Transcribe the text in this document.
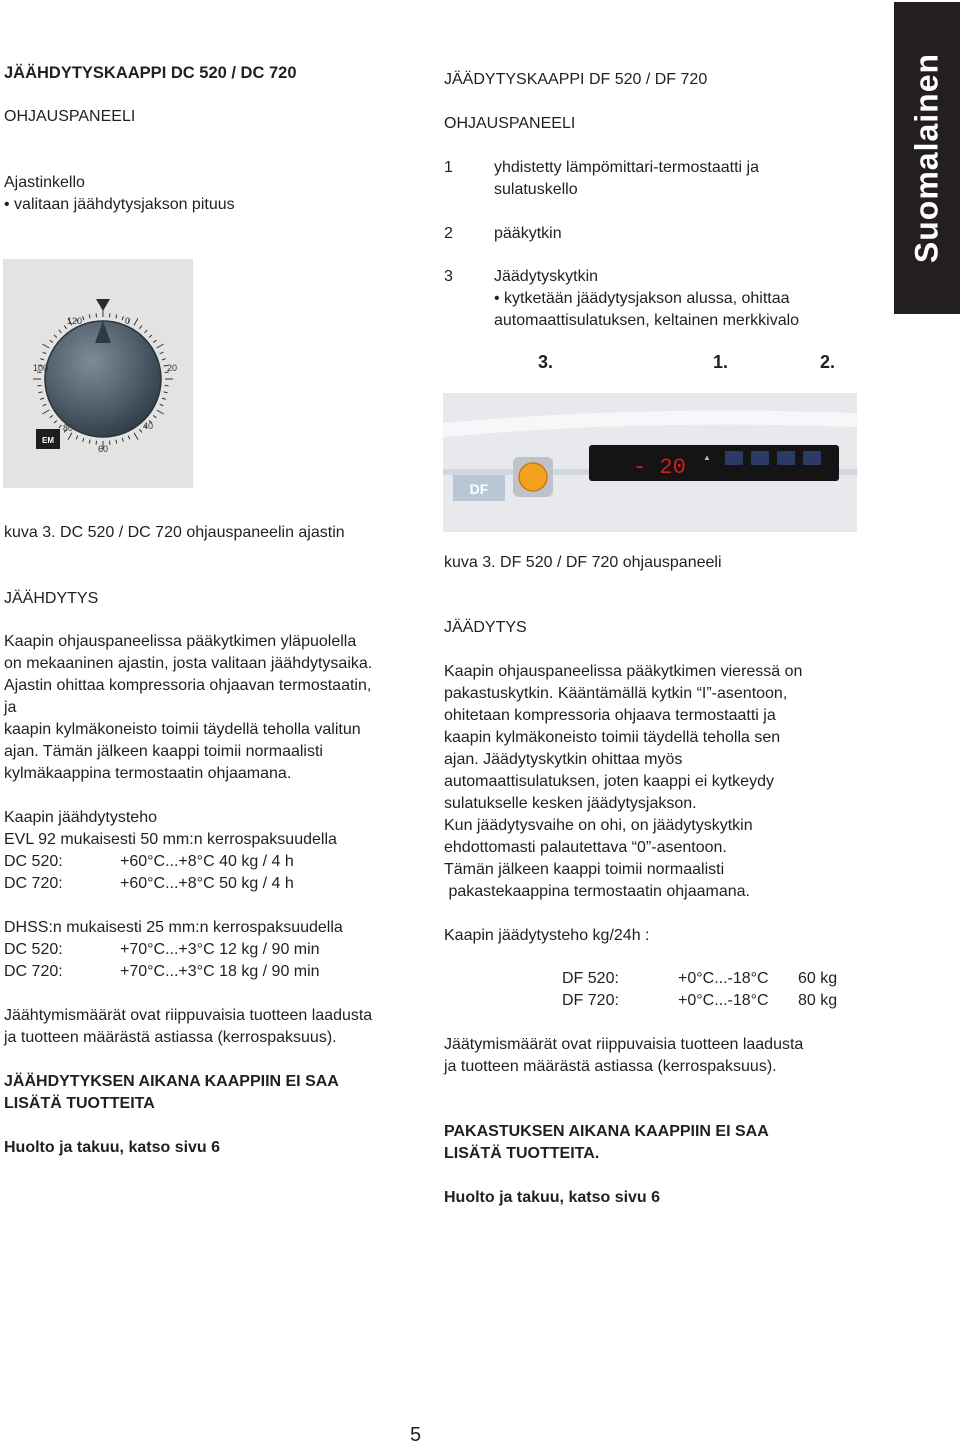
Suomalainen

JÄÄHDYTYSKAAPPI DC 520 / DC 720

OHJAUSPANEELI

Ajastinkello

• valitaan jäähdytysjakson pituus

120	0
100	20
80	40
60
EM

kuva 3. DC 520 / DC 720 ohjauspaneelin ajastin

JÄÄHDYTYS

Kaapin ohjauspaneelissa pääkytkimen yläpuolella

on mekaaninen ajastin, josta valitaan jäähdytysaika.

Ajastin ohittaa kompressoria ohjaavan termostaatin,

ja

kaapin kylmäkoneisto toimii täydellä teholla valitun

ajan. Tämän jälkeen kaappi toimii normaalisti

kylmäkaappina termostaatin ohjaamana.

Kaapin jäähdytysteho

EVL 92 mukaisesti 50 mm:n kerrospaksuudella

DC 520:	+60°C...+8°C 40 kg / 4 h
DC 720:	+60°C...+8°C 50 kg / 4 h

DHSS:n mukaisesti 25 mm:n kerrospaksuudella

DC 520:	+70°C...+3°C 12 kg / 90 min
DC 720:	+70°C...+3°C 18 kg / 90 min

Jäähtymismäärät ovat riippuvaisia tuotteen laadusta

ja tuotteen määrästä astiassa (kerrospaksuus).

JÄÄHDYTYKSEN AIKANA KAAPPIIN EI SAA

LISÄTÄ TUOTTEITA

Huolto ja takuu, katso sivu 6

JÄÄDYTYSKAAPPI DF 520 / DF 720

OHJAUSPANEELI

1	yhdistetty lämpömittari-termostaatti ja

sulatuskello

2	pääkytkin

3	Jäädytyskytkin

• kytketään jäädytysjakson alussa, ohittaa

automaattisulatuksen, keltainen merkkivalo

3.	1.	2.
DF
- 20 ▲

kuva 3. DF 520 / DF 720 ohjauspaneeli

JÄÄDYTYS

Kaapin ohjauspaneelissa pääkytkimen vieressä on

pakastuskytkin. Kääntämällä kytkin “I”-asentoon,

ohitetaan kompressoria ohjaava termostaatti ja

kaapin kylmäkoneisto toimii täydellä teholla sen

ajan. Jäädytyskytkin ohittaa myös

automaattisulatuksen, joten kaappi ei kytkeydy

sulatukselle kesken jäädytysjakson.

Kun jäädytysvaihe on ohi, on jäädytyskytkin

ehdottomasti palautettava “0”-asentoon.

Tämän jälkeen kaappi toimii normaalisti

pakastekaappina termostaatin ohjaamana.

Kaapin jäädytysteho kg/24h :

DF 520:	+0°C...-18°C 60 kg
DF 720:	+0°C...-18°C 80 kg

Jäätymismäärät ovat riippuvaisia tuotteen laadusta

ja tuotteen määrästä astiassa (kerrospaksuus).

PAKASTUKSEN AIKANA KAAPPIIN EI SAA

LISÄTÄ TUOTTEITA.

Huolto ja takuu, katso sivu 6

5
